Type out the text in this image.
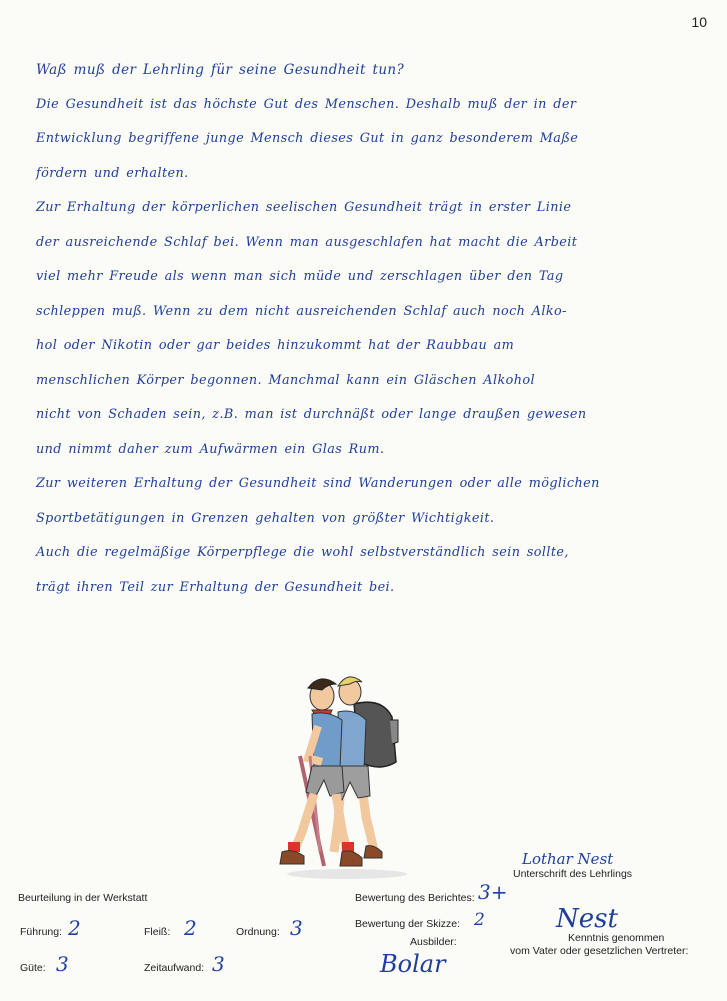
10
Waß muß der Lehrling für seine Gesundheit tun?
Die Gesundheit ist das höchste Gut des Menschen. Deshalb muß der in der
Entwicklung begriffene junge Mensch dieses Gut in ganz besonderem Maße
fördern und erhalten.
Zur Erhaltung der körperlichen seelischen Gesundheit trägt in erster Linie
der ausreichende Schlaf bei. Wenn man ausgeschlafen hat macht die Arbeit
viel mehr Freude als wenn man sich müde und zerschlagen über den Tag
schleppen muß. Wenn zu dem nicht ausreichenden Schlaf auch noch Alko-
hol oder Nikotin oder gar beides hinzukommt hat der Raubbau am
menschlichen Körper begonnen. Manchmal kann ein Gläschen Alkohol
nicht von Schaden sein, z.B. man ist durchnäßt oder lange draußen gewesen
und nimmt daher zum Aufwärmen ein Glas Rum.
Zur weiteren Erhaltung der Gesundheit sind Wanderungen oder alle möglichen
Sportbetätigungen in Grenzen gehalten von größter Wichtigkeit.
Auch die regelmäßige Körperpflege die wohl selbstverständlich sein sollte,
trägt ihren Teil zur Erhaltung der Gesundheit bei.
Lothar Nest
Unterschrift des Lehrlings
Beurteilung in der Werkstatt
Führung: 2	Fleiß: 2	Ordnung: 3
Güte: 3	Zeitaufwand: 3
Bewertung des Berichtes: 3+
Bewertung der Skizze: 2
Ausbilder:
Bolar
Nest
Kenntnis genommen
vom Vater oder gesetzlichen Vertreter:
